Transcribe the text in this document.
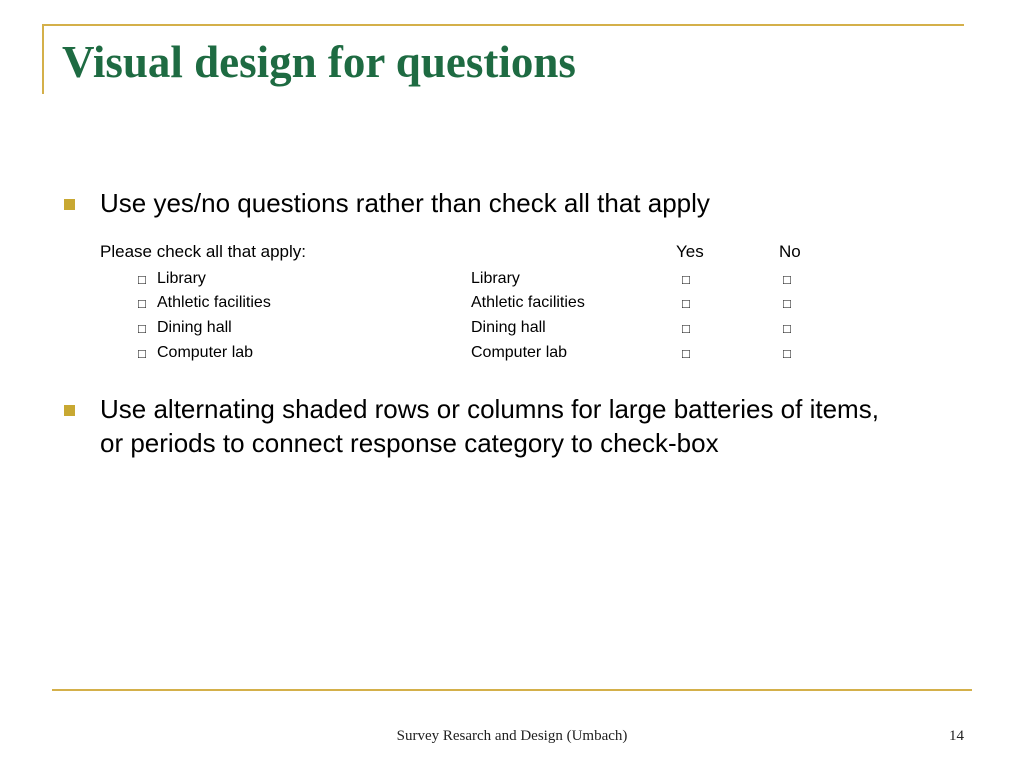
Visual design for questions
Use yes/no questions rather than check all that apply
Please check all that apply:	Yes	No
□ Library	Library	□	□
□ Athletic facilities	Athletic facilities	□	□
□ Dining hall	Dining hall	□	□
□ Computer lab	Computer lab	□	□
Use alternating shaded rows or columns for large batteries of items,
or periods to connect response category to check-box
Survey Resarch and Design (Umbach)	14
